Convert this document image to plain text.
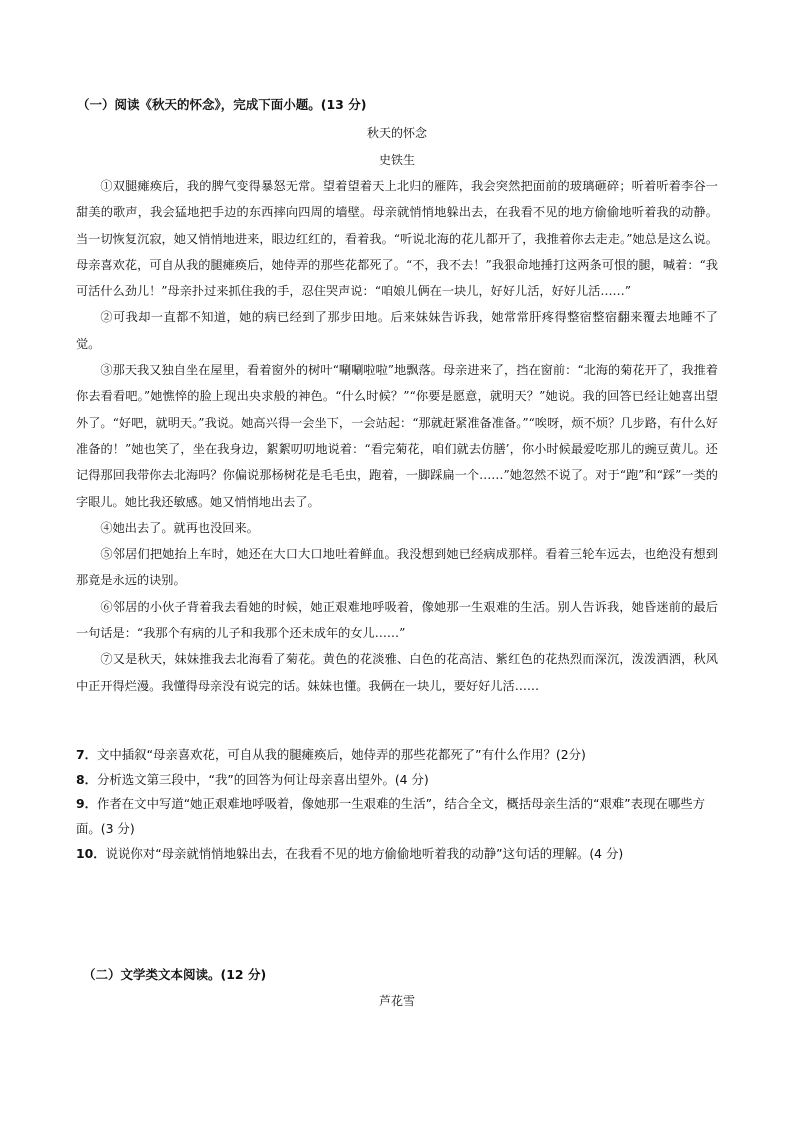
（一）阅读《秋天的怀念》，完成下面小题。(13 分)
秋天的怀念
史铁生

①双腿瘫痪后，我的脾气变得暴怒无常。望着望着天上北归的雁阵，我会突然把面前的玻璃砸碎；听着听着李谷一甜美的歌声，我会猛地把手边的东西摔向四周的墙壁。母亲就悄悄地躲出去，在我看不见的地方偷偷地听着我的动静。当一切恢复沉寂，她又悄悄地进来，眼边红红的，看着我。“听说北海的花儿都开了，我推着你去走走。”她总是这么说。母亲喜欢花，可自从我的腿瘫痪后，她侍弄的那些花都死了。“不，我不去！”我狠命地捶打这两条可恨的腿，喊着：“我可活什么劲儿！”母亲扑过来抓住我的手，忍住哭声说：“咱娘儿俩在一块儿，好好儿活，好好儿活……”

②可我却一直都不知道，她的病已经到了那步田地。后来妹妹告诉我，她常常肝疼得整宿整宿翻来覆去地睡不了觉。

③那天我又独自坐在屋里，看着窗外的树叶“唰唰啦啦”地飘落。母亲进来了，挡在窗前：“北海的菊花开了，我推着你去看看吧。”她憔悴的脸上现出央求般的神色。“什么时候？”“你要是愿意，就明天？”她说。我的回答已经让她喜出望外了。“好吧，就明天。”我说。她高兴得一会坐下，一会站起：“那就赶紧准备准备。”“唉呀，烦不烦？几步路，有什么好准备的！”她也笑了，坐在我身边，絮絮叨叨地说着：“看完菊花，咱们就去仿膳’，你小时候最爱吃那儿的豌豆黄儿。还记得那回我带你去北海吗？你偏说那杨树花是毛毛虫，跑着，一脚踩扁一个……”她忽然不说了。对于“跑”和“踩”一类的字眼儿。她比我还敏感。她又悄悄地出去了。

④她出去了。就再也没回来。

⑤邻居们把她抬上车时，她还在大口大口地吐着鲜血。我没想到她已经病成那样。看着三轮车远去，也绝没有想到那竟是永远的诀别。

⑥邻居的小伙子背着我去看她的时候，她正艰难地呼吸着，像她那一生艰难的生活。别人告诉我，她昏迷前的最后一句话是：“我那个有病的儿子和我那个还未成年的女儿……”

⑦又是秋天，妹妹推我去北海看了菊花。黄色的花淡雅、白色的花高洁、紫红色的花热烈而深沉，泼泼洒洒，秋风中正开得烂漫。我懂得母亲没有说完的话。妹妹也懂。我俩在一块儿，要好好儿活……

7．文中插叙“母亲喜欢花，可自从我的腿瘫痪后，她侍弄的那些花都死了”有什么作用？(2分)

8．分析选文第三段中，“我”的回答为何让母亲喜出望外。(4 分)

9．作者在文中写道“她正艰难地呼吸着，像她那一生艰难的生活”，结合全文，概括母亲生活的“艰难”表现在哪些方面。(3 分)

10．说说你对“母亲就悄悄地躲出去，在我看不见的地方偷偷地听着我的动静”这句话的理解。(4 分)

（二）文学类文本阅读。(12 分)
芦花雪
